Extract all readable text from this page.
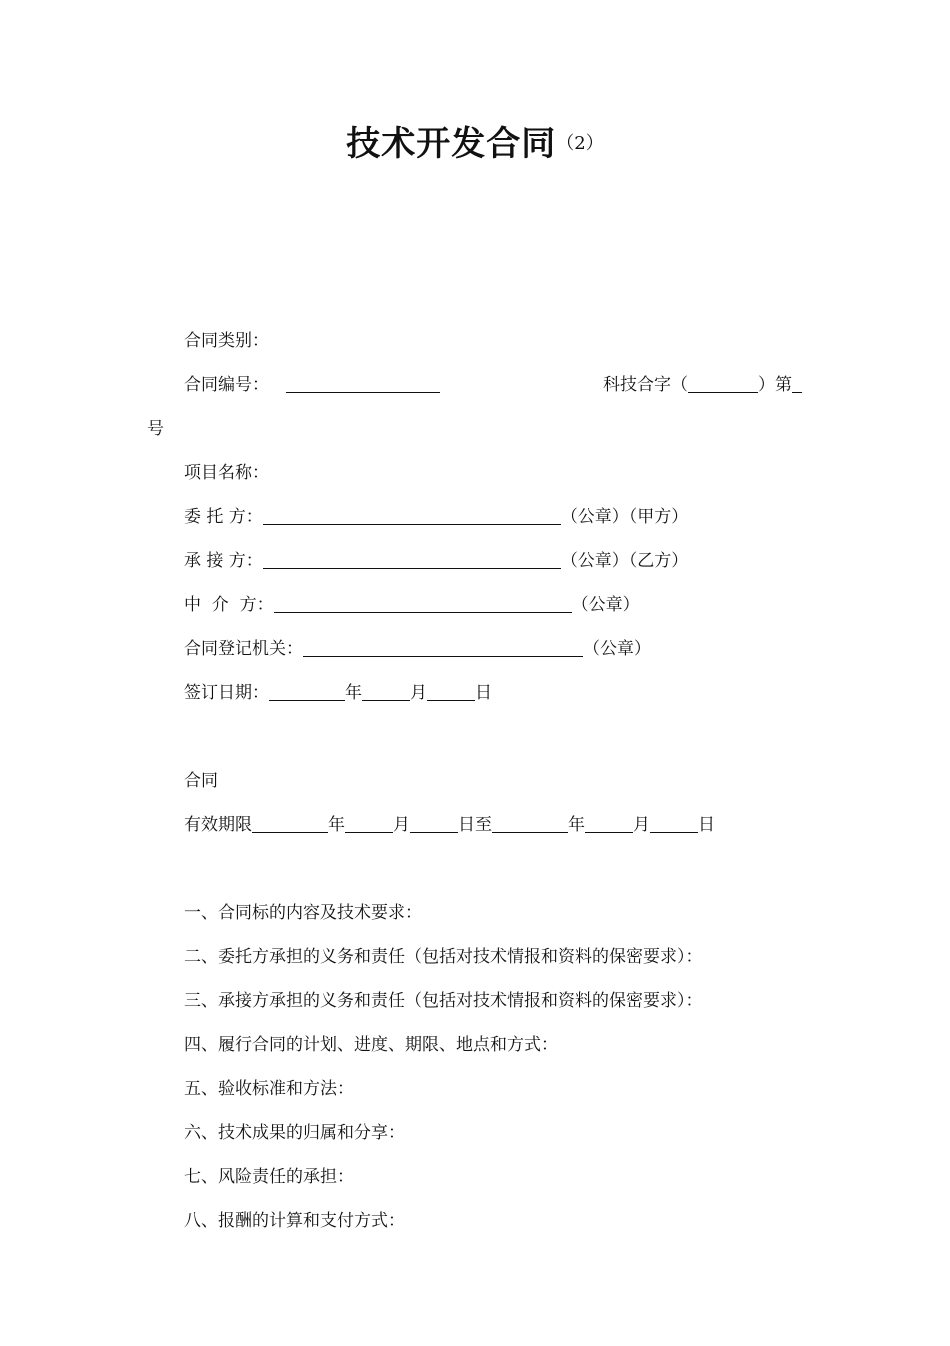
技术开发合同（2）
合同类别：
合同编号：	科技合字（	）第
号
项目名称：
委 托 方：	（公章）（甲方）
承 接 方：	（公章）（乙方）
中  介  方：	（公章）
合同登记机关：	（公章）
签订日期：	年	月	日
合同
有效期限	年	月	日至	年	月	日
一、合同标的内容及技术要求：
二、委托方承担的义务和责任（包括对技术情报和资料的保密要求）：
三、承接方承担的义务和责任（包括对技术情报和资料的保密要求）：
四、履行合同的计划、进度、期限、地点和方式：
五、验收标准和方法：
六、技术成果的归属和分享：
七、风险责任的承担：
八、报酬的计算和支付方式：
